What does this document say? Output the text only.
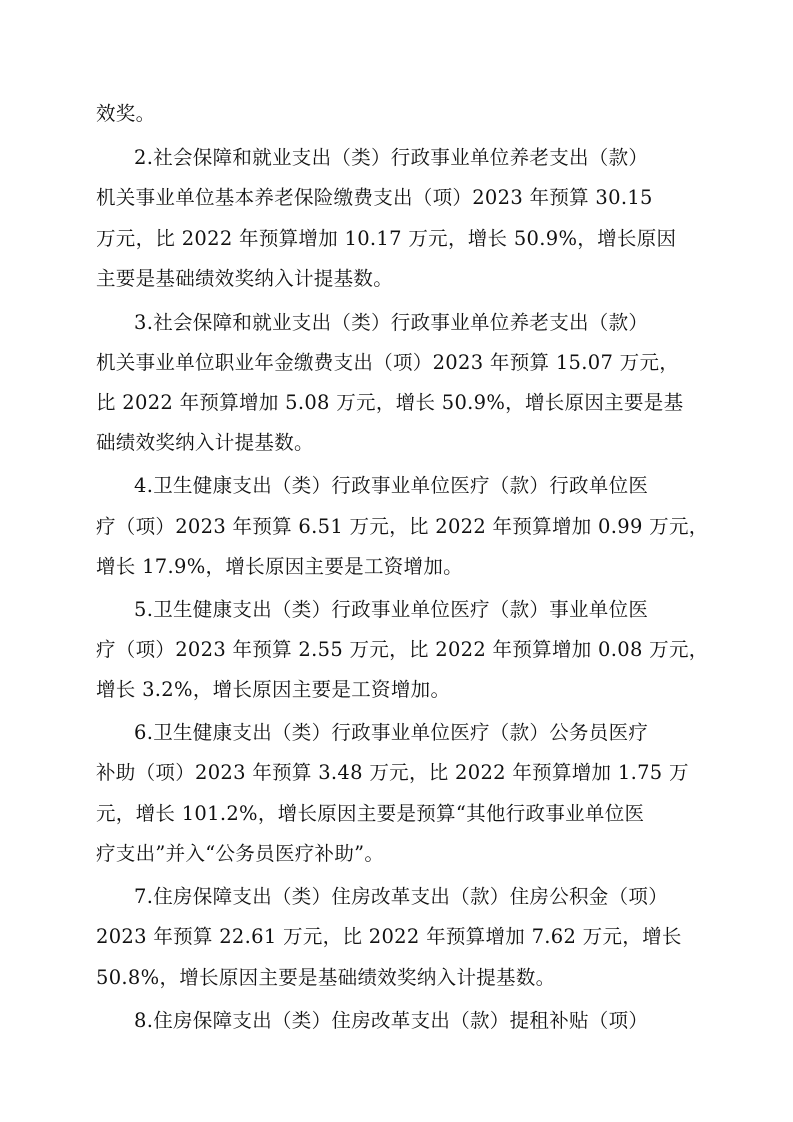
效奖。
2.社会保障和就业支出（类）行政事业单位养老支出（款）
机关事业单位基本养老保险缴费支出（项）2023 年预算 30.15
万元，比 2022 年预算增加 10.17 万元，增长 50.9%，增长原因
主要是基础绩效奖纳入计提基数。
3.社会保障和就业支出（类）行政事业单位养老支出（款）
机关事业单位职业年金缴费支出（项）2023 年预算 15.07 万元，
比 2022 年预算增加 5.08 万元，增长 50.9%，增长原因主要是基
础绩效奖纳入计提基数。
4.卫生健康支出（类）行政事业单位医疗（款）行政单位医
疗（项）2023 年预算 6.51 万元，比 2022 年预算增加 0.99 万元，
增长 17.9%，增长原因主要是工资增加。
5.卫生健康支出（类）行政事业单位医疗（款）事业单位医
疗（项）2023 年预算 2.55 万元，比 2022 年预算增加 0.08 万元，
增长 3.2%，增长原因主要是工资增加。
6.卫生健康支出（类）行政事业单位医疗（款）公务员医疗
补助（项）2023 年预算 3.48 万元，比 2022 年预算增加 1.75 万
元，增长 101.2%，增长原因主要是预算“其他行政事业单位医
疗支出”并入“公务员医疗补助”。
7.住房保障支出（类）住房改革支出（款）住房公积金（项）
2023 年预算 22.61 万元，比 2022 年预算增加 7.62 万元，增长
50.8%，增长原因主要是基础绩效奖纳入计提基数。
8.住房保障支出（类）住房改革支出（款）提租补贴（项）
